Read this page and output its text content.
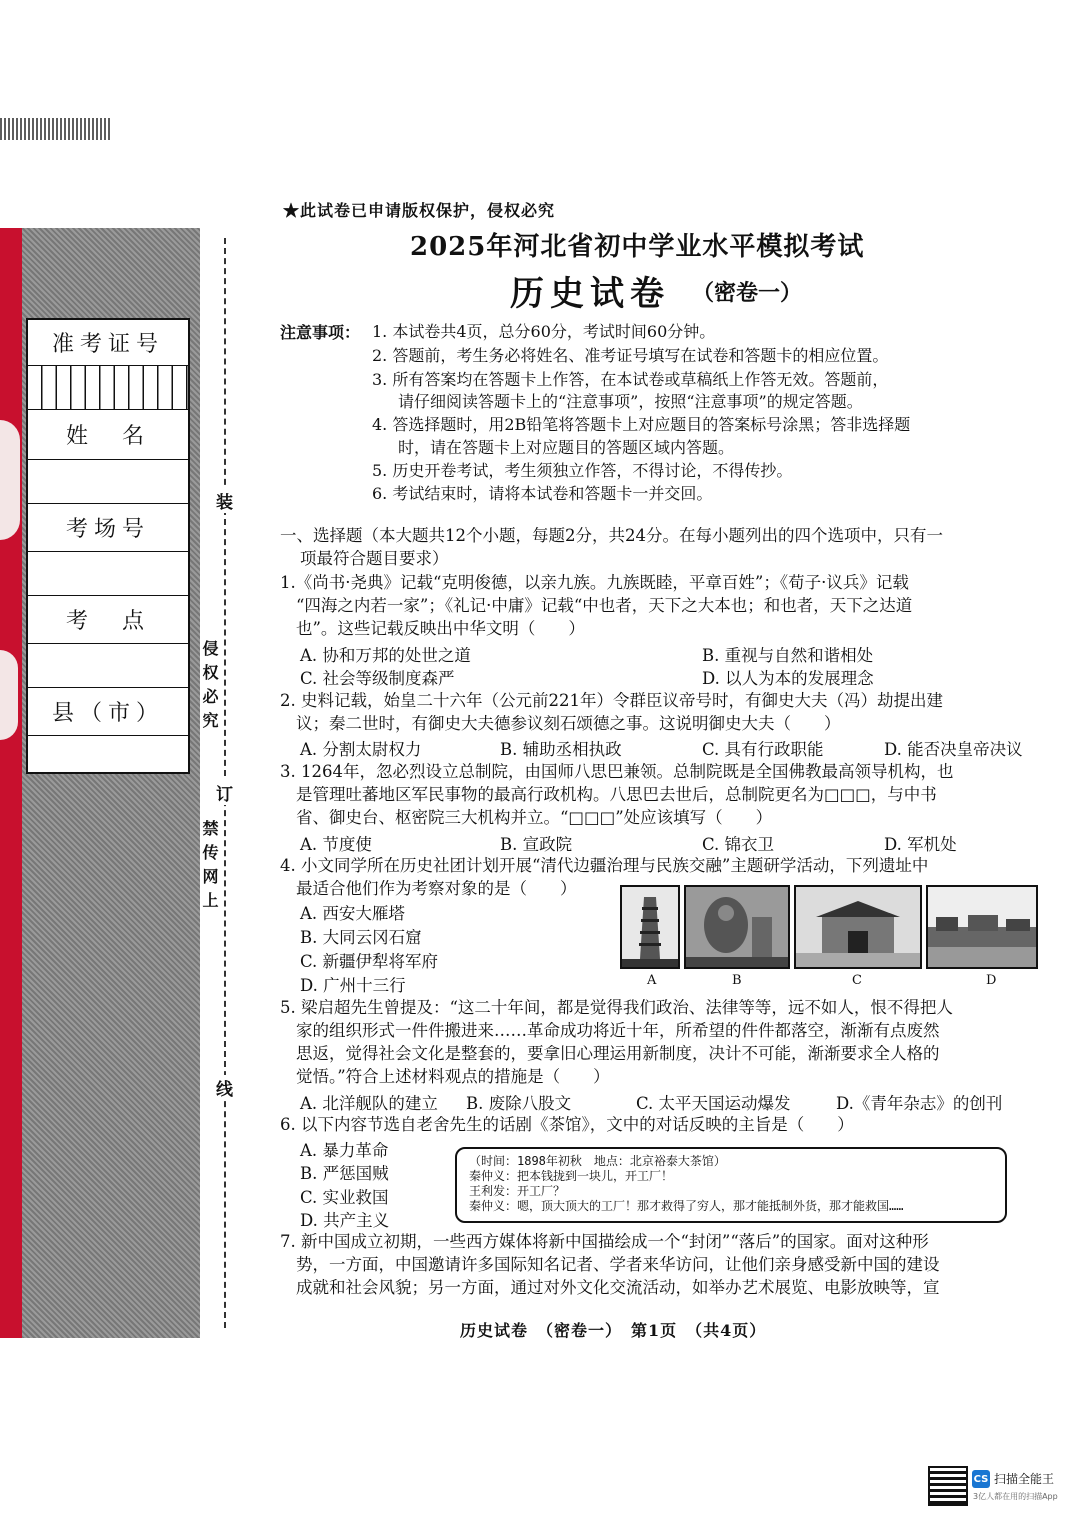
准考证号
姓　名
考场号
考　点
县（市）
装
订
线
侵权必究
禁传网上
★此试卷已申请版权保护，侵权必究
2025年河北省初中学业水平模拟考试
历史试卷 （密卷一）
注意事项： 1. 本试卷共4页，总分60分，考试时间60分钟。
2. 答题前，考生务必将姓名、准考证号填写在试卷和答题卡的相应位置。
3. 所有答案均在答题卡上作答，在本试卷或草稿纸上作答无效。答题前，
请仔细阅读答题卡上的“注意事项”，按照“注意事项”的规定答题。
4. 答选择题时，用2B铅笔将答题卡上对应题目的答案标号涂黑；答非选择题
时，请在答题卡上对应题目的答题区域内答题。
5. 历史开卷考试，考生须独立作答，不得讨论，不得传抄。
6. 考试结束时，请将本试卷和答题卡一并交回。
一、选择题（本大题共12个小题，每题2分，共24分。在每小题列出的四个选项中，只有一
项最符合题目要求）
1.《尚书·尧典》记载“克明俊德，以亲九族。九族既睦，平章百姓”；《荀子·议兵》记载
“四海之内若一家”；《礼记·中庸》记载“中也者，天下之大本也；和也者，天下之达道
也”。这些记载反映出中华文明（　　）
A. 协和万邦的处世之道	B. 重视与自然和谐相处
C. 社会等级制度森严	D. 以人为本的发展理念
2. 史料记载，始皇二十六年（公元前221年）令群臣议帝号时，有御史大夫（冯）劫提出建
议；秦二世时，有御史大夫德参议刻石颂德之事。这说明御史大夫（　　）
A. 分割太尉权力	B. 辅助丞相执政	C. 具有行政职能	D. 能否决皇帝决议
3. 1264年，忽必烈设立总制院，由国师八思巴兼领。总制院既是全国佛教最高领导机构，也
是管理吐蕃地区军民事物的最高行政机构。八思巴去世后，总制院更名为□□□，与中书
省、御史台、枢密院三大机构并立。“□□□”处应该填写（　　）
A. 节度使	B. 宣政院	C. 锦衣卫	D. 军机处
4. 小文同学所在历史社团计划开展“清代边疆治理与民族交融”主题研学活动，下列遗址中
最适合他们作为考察对象的是（　　）
A. 西安大雁塔
B. 大同云冈石窟
C. 新疆伊犁将军府
D. 广州十三行	A	B	C	D
5. 梁启超先生曾提及：“这二十年间，都是觉得我们政治、法律等等，远不如人，恨不得把人
家的组织形式一件件搬进来……革命成功将近十年，所希望的件件都落空，渐渐有点废然
思返，觉得社会文化是整套的，要拿旧心理运用新制度，决计不可能，渐渐要求全人格的
觉悟。”符合上述材料观点的措施是（　　）
A. 北洋舰队的建立 B. 废除八股文	C. 太平天国运动爆发	D.《青年杂志》的创刊
6. 以下内容节选自老舍先生的话剧《茶馆》，文中的对话反映的主旨是（　　）
A. 暴力革命
B. 严惩国贼
C. 实业救国
D. 共产主义
（时间：1898年初秋　地点：北京裕泰大茶馆）
秦仲义：把本钱拢到一块儿，开工厂！
王利发：开工厂？
秦仲义：嗯，顶大顶大的工厂！那才救得了穷人，那才能抵制外货，那才能救国……
7. 新中国成立初期，一些西方媒体将新中国描绘成一个“封闭”“落后”的国家。面对这种形
势，一方面，中国邀请许多国际知名记者、学者来华访问，让他们亲身感受新中国的建设
成就和社会风貌；另一方面，通过对外文化交流活动，如举办艺术展览、电影放映等，宣
历史试卷　（密卷一）　第1页　（共4页）
CS 扫描全能王
3亿人都在用的扫描App
